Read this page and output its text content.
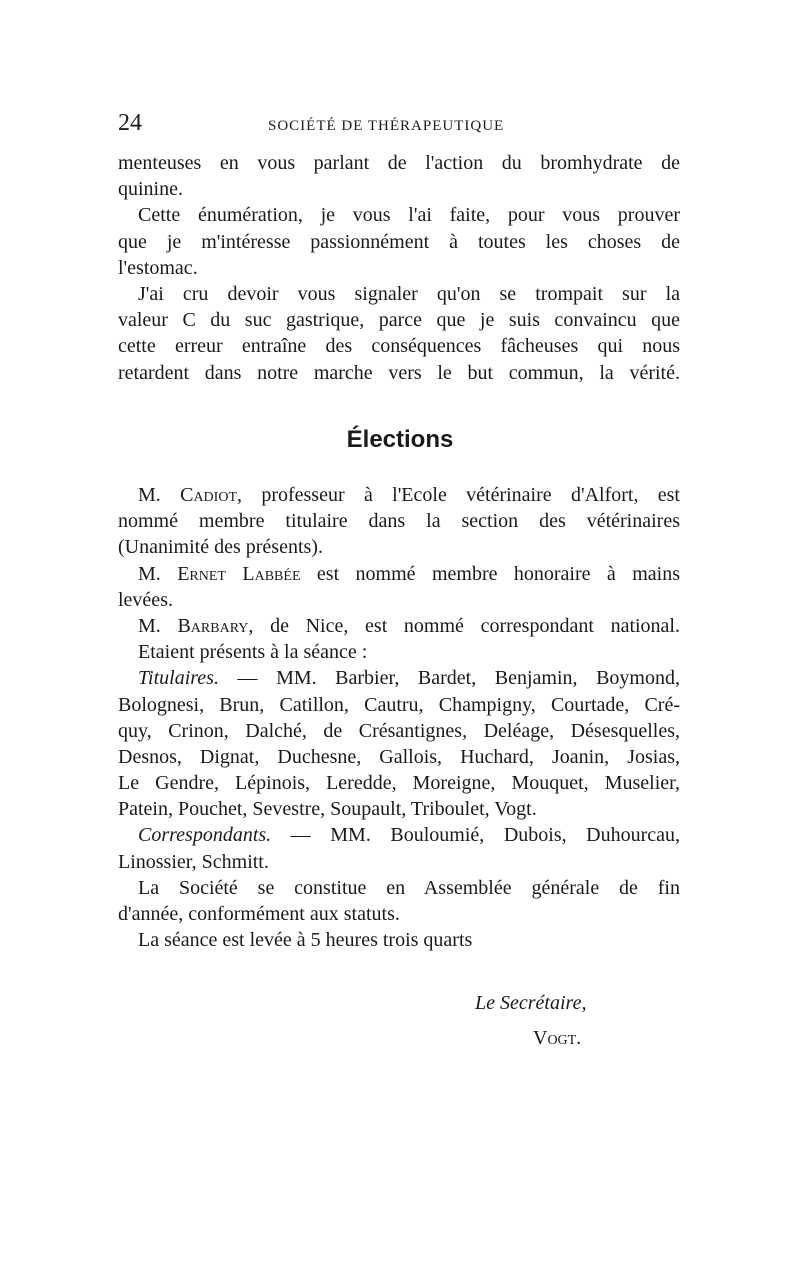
24	SOCIÉTÉ DE THÉRAPEUTIQUE
menteuses en vous parlant de l'action du bromhydrate de
quinine.
Cette énumération, je vous l'ai faite, pour vous prouver
que je m'intéresse passionnément à toutes les choses de
l'estomac.
J'ai cru devoir vous signaler qu'on se trompait sur la
valeur C du suc gastrique, parce que je suis convaincu que
cette erreur entraîne des conséquences fâcheuses qui nous
retardent dans notre marche vers le but commun, la vérité.
Élections
M. Cadiot, professeur à l'Ecole vétérinaire d'Alfort, est
nommé membre titulaire dans la section des vétérinaires
(Unanimité des présents).
M. Ernet Labbée est nommé membre honoraire à mains
levées.
M. Barbary, de Nice, est nommé correspondant national.
Etaient présents à la séance :
Titulaires. — MM. Barbier, Bardet, Benjamin, Boymond,
Bolognesi, Brun, Catillon, Cautru, Champigny, Courtade, Cré-
quy, Crinon, Dalché, de Crésantignes, Deléage, Désesquelles,
Desnos, Dignat, Duchesne, Gallois, Huchard, Joanin, Josias,
Le Gendre, Lépinois, Leredde, Moreigne, Mouquet, Muselier,
Patein, Pouchet, Sevestre, Soupault, Triboulet, Vogt.
Correspondants. — MM. Bouloumié, Dubois, Duhourcau,
Linossier, Schmitt.
La Société se constitue en Assemblée générale de fin
d'année, conformément aux statuts.
La séance est levée à 5 heures trois quarts
Le Secrétaire,
Vogt.
